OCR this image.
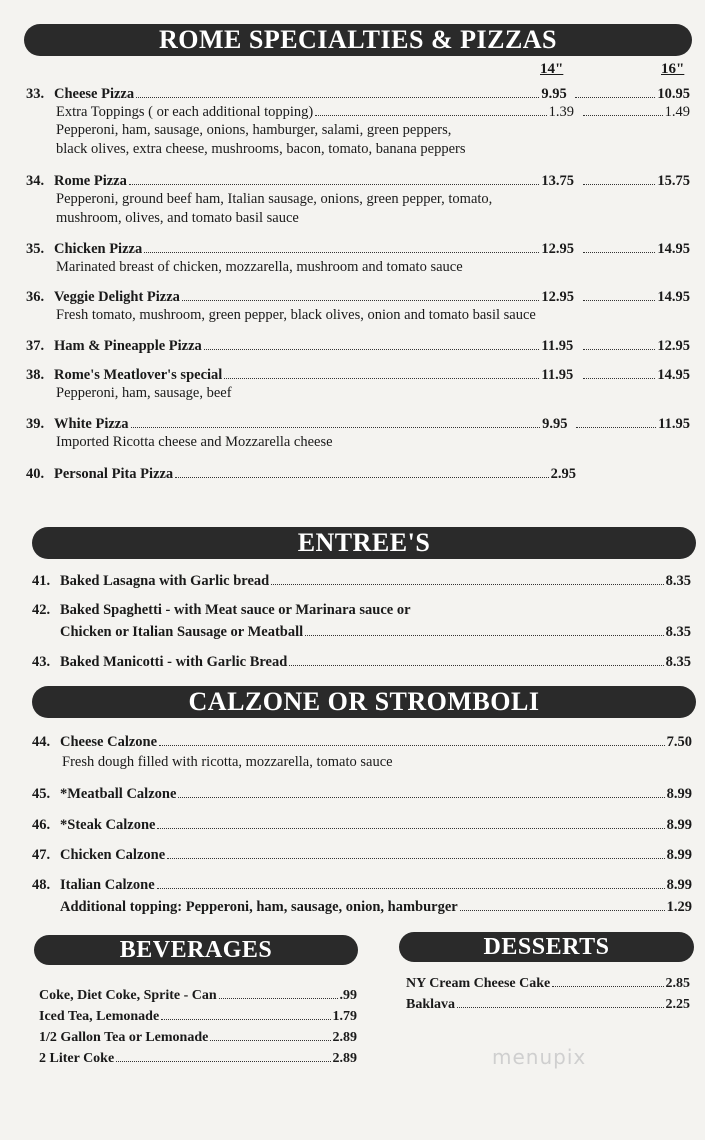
ROME SPECIALTIES & PIZZAS
14"	16"
33. Cheese Pizza	9.95	10.95
Extra Toppings ( or each additional topping)	1.39	1.49
Pepperoni, ham, sausage, onions, hamburger, salami, green peppers,
black olives, extra cheese, mushrooms, bacon, tomato, banana peppers
34. Rome Pizza	13.75	15.75
Pepperoni, ground beef ham, Italian sausage, onions, green pepper, tomato,
mushroom, olives, and tomato basil sauce
35. Chicken Pizza	12.95	14.95
Marinated breast of chicken, mozzarella, mushroom and tomato sauce
36. Veggie Delight Pizza	12.95	14.95
Fresh tomato, mushroom, green pepper, black olives, onion and tomato basil sauce
37. Ham & Pineapple Pizza	11.95	12.95
38. Rome's Meatlover's special	11.95	14.95
Pepperoni, ham, sausage, beef
39. White Pizza	9.95	11.95
Imported Ricotta cheese and Mozzarella cheese
40. Personal Pita Pizza	2.95
ENTREE'S
41. Baked Lasagna with Garlic bread	8.35
42. Baked Spaghetti - with Meat sauce or Marinara sauce or
Chicken or Italian Sausage or Meatball	8.35
43. Baked Manicotti - with Garlic Bread	8.35
CALZONE OR STROMBOLI
44. Cheese Calzone	7.50
Fresh dough filled with ricotta, mozzarella, tomato sauce
45. *Meatball Calzone	8.99
46. *Steak Calzone	8.99
47. Chicken Calzone	8.99
48. Italian Calzone	8.99
Additional topping: Pepperoni, ham, sausage, onion, hamburger	1.29
BEVERAGES
Coke, Diet Coke, Sprite - Can	.99
Iced Tea, Lemonade	1.79
1/2 Gallon Tea or Lemonade	2.89
2 Liter Coke	2.89
DESSERTS
NY Cream Cheese Cake	2.85
Baklava	2.25
menupix
